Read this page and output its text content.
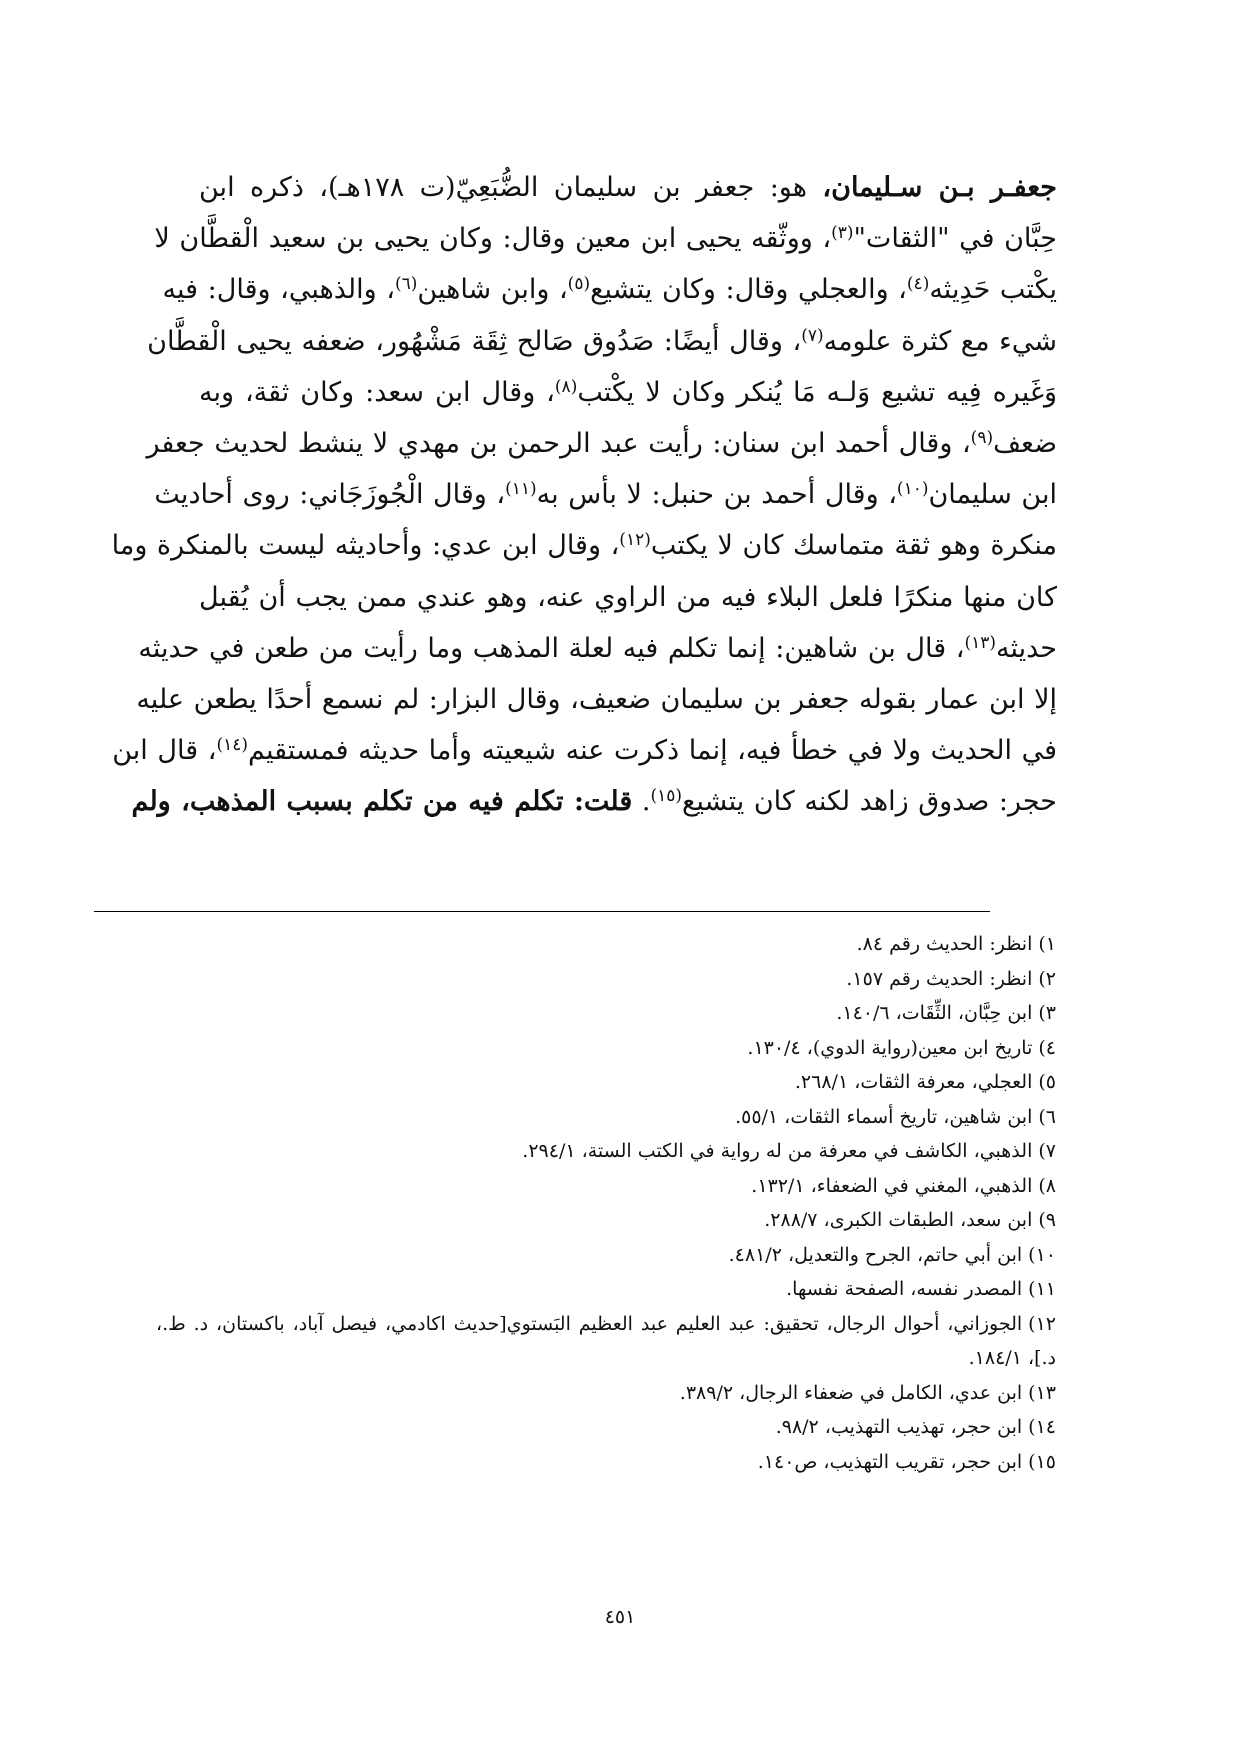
جعفـر بـن سـليمان، هو: جعفر بن سليمان الضُّبَعِيّ(ت ١٧٨هـ)، ذكره ابن
حِبَّان في "الثقات"$^{(٣)}$، ووثّقه يحيى ابن معين وقال: وكان يحيى بن سعيد الْقطَّان لا
يكْتب حَدِيثه$^{(٤)}$، والعجلي وقال: وكان يتشيع$^{(٥)}$، وابن شاهين$^{(٦)}$، والذهبي، وقال: فيه
شيء مع كثرة علومه$^{(٧)}$، وقال أيضًا: صَدُوق صَالح ثِقَة مَشْهُور، ضعفه يحيى الْقطَّان
وَغَيره فِيه تشيع وَلـه مَا يُنكر وكان لا يكْتب$^{(٨)}$، وقال ابن سعد: وكان ثقة، وبه
ضعف$^{(٩)}$، وقال أحمد ابن سنان: رأيت عبد الرحمن بن مهدي لا ينشط لحديث جعفر
ابن سليمان$^{(١٠)}$، وقال أحمد بن حنبل: لا بأس به$^{(١١)}$، وقال الْجُوزَجَاني: روى أحاديث
منكرة وهو ثقة متماسك كان لا يكتب$^{(١٢)}$، وقال ابن عدي: وأحاديثه ليست بالمنكرة وما
كان منها منكرًا فلعل البلاء فيه من الراوي عنه، وهو عندي ممن يجب أن يُقبل
حديثه$^{(١٣)}$، قال بن شاهين: إنما تكلم فيه لعلة المذهب وما رأيت من طعن في حديثه
إلا ابن عمار بقوله جعفر بن سليمان ضعيف، وقال البزار: لم نسمع أحدًا يطعن عليه
في الحديث ولا في خطأ فيه، إنما ذكرت عنه شيعيته وأما حديثه فمستقيم$^{(١٤)}$، قال ابن
حجر: صدوق زاهد لكنه كان يتشيع$^{(١٥)}$. قلت: تكلم فيه من تكلم بسبب المذهب، ولم
١)انظر: الحديث رقم ٨٤.
٢)انظر: الحديث رقم ١٥٧.
٣)ابن حِبَّان، الثِّقَات، ١٤٠/٦.
٤)تاريخ ابن معين(رواية الدوي)، ١٣٠/٤.
٥)العجلي، معرفة الثقات، ٢٦٨/١.
٦)ابن شاهين، تاريخ أسماء الثقات، ٥٥/١.
٧)الذهبي، الكاشف في معرفة من له رواية في الكتب الستة، ٢٩٤/١.
٨)الذهبي، المغني في الضعفاء، ١٣٢/١.
٩)ابن سعد، الطبقات الكبرى، ٢٨٨/٧.
١٠)ابن أبي حاتم، الجرح والتعديل، ٤٨١/٢.
١١)المصدر نفسه، الصفحة نفسها.
١٢)الجوزاني، أحوال الرجال، تحقيق: عبد العليم عبد العظيم البَستوي[حديث اكادمي، فيصل آباد، باكستان، د. ط.، د.]، ١٨٤/١.
١٣)ابن عدي، الكامل في ضعفاء الرجال، ٣٨٩/٢.
١٤)ابن حجر، تهذيب التهذيب، ٩٨/٢.
١٥)ابن حجر، تقريب التهذيب، ص١٤٠.
٤٥١
